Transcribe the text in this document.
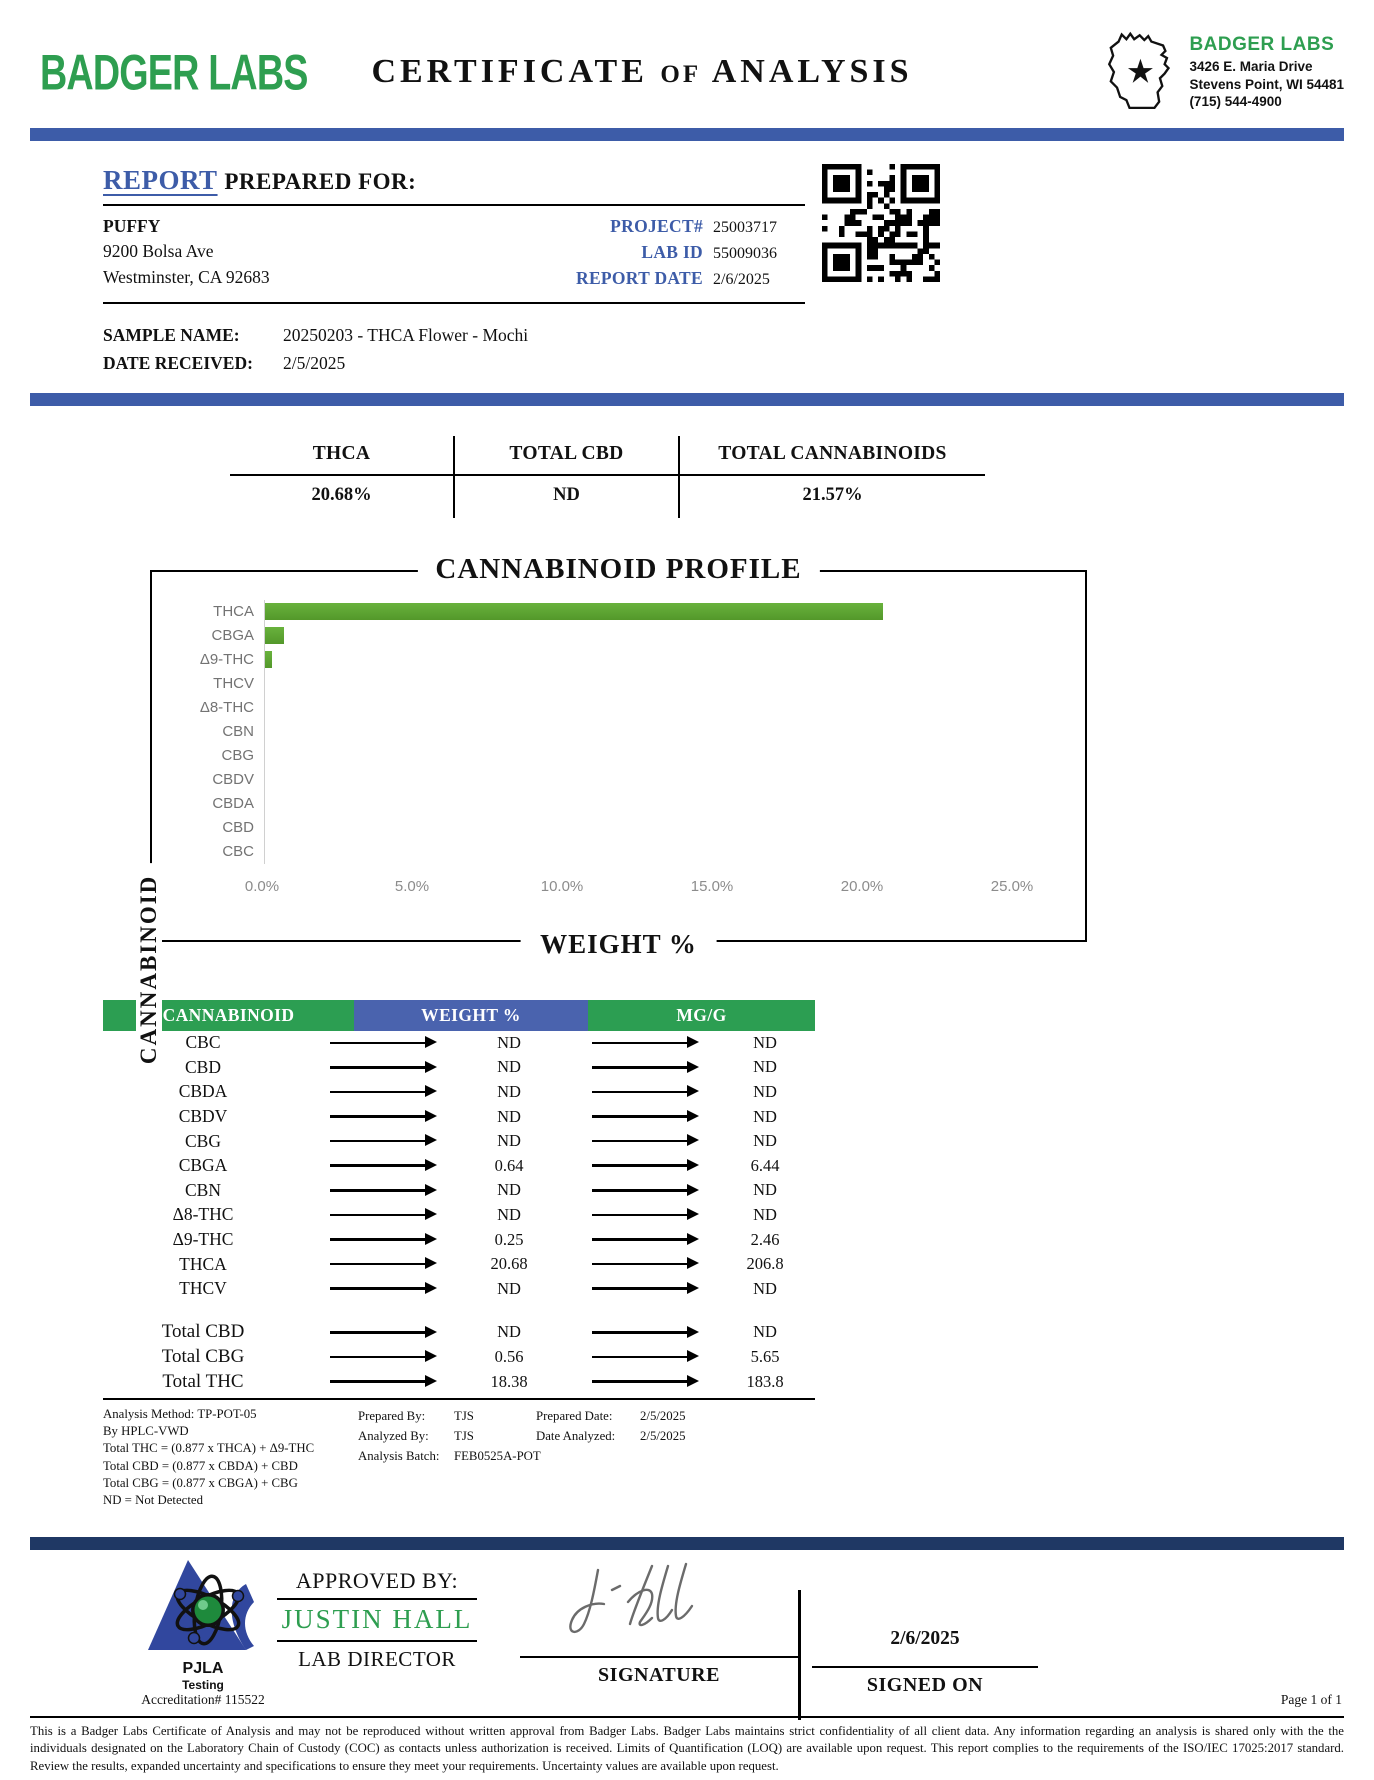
BADGER LABS	CERTIFICATE OF ANALYSIS
BADGER LABS
3426 E. Maria Drive
Stevens Point, WI 54481
(715) 544-4900
REPORT PREPARED FOR:
PUFFY
9200 Bolsa Ave
Westminster, CA 92683
PROJECT# 25003717
LAB ID 55009036
REPORT DATE 2/6/2025
SAMPLE NAME:	20250203 - THCA Flower - Mochi
DATE RECEIVED:	2/5/2025
THCA	TOTAL CBD	TOTAL CANNABINOIDS
20.68%	ND	21.57%
CANNABINOID PROFILE
CANNABINOID
THCA
CBGA
Δ9-THC
THCV
Δ8-THC
CBN
CBG
CBDV
CBDA
CBD
CBC
0.0%	5.0%	10.0%	15.0%	20.0%	25.0%
WEIGHT %
CANNABINOID	WEIGHT %	MG/G
CBC	ND	ND
CBD	ND	ND
CBDA	ND	ND
CBDV	ND	ND
CBG	ND	ND
CBGA	0.64	6.44
CBN	ND	ND
Δ8-THC	ND	ND
Δ9-THC	0.25	2.46
THCA	20.68	206.8
THCV	ND	ND
Total CBD	ND	ND
Total CBG	0.56	5.65
Total THC	18.38	183.8
Analysis Method: TP-POT-05
By HPLC-VWD
Total THC = (0.877 x THCA) + Δ9-THC
Total CBD = (0.877 x CBDA) + CBD
Total CBG = (0.877 x CBGA) + CBG
ND = Not Detected
Prepared By:	TJS	Prepared Date:	2/5/2025
Analyzed By:	TJS	Date Analyzed:	2/5/2025
Analysis Batch:	FEB0525A-POT
PJLA
Testing
Accreditation# 115522
APPROVED BY:
JUSTIN HALL
LAB DIRECTOR
SIGNATURE
2/6/2025
SIGNED ON
Page 1 of 1
This is a Badger Labs Certificate of Analysis and may not be reproduced without written approval from Badger Labs. Badger Labs maintains strict confidentiality of all client data. Any information regarding an analysis is shared only with the the individuals designated on the Laboratory Chain of Custody (COC) as contacts unless authorization is received. Limits of Quantification (LOQ) are available upon request. This report complies to the requirements of the ISO/IEC 17025:2017 standard. Review the results, expanded uncertainty and specifications to ensure they meet your requirements. Uncertainty values are available upon request.
